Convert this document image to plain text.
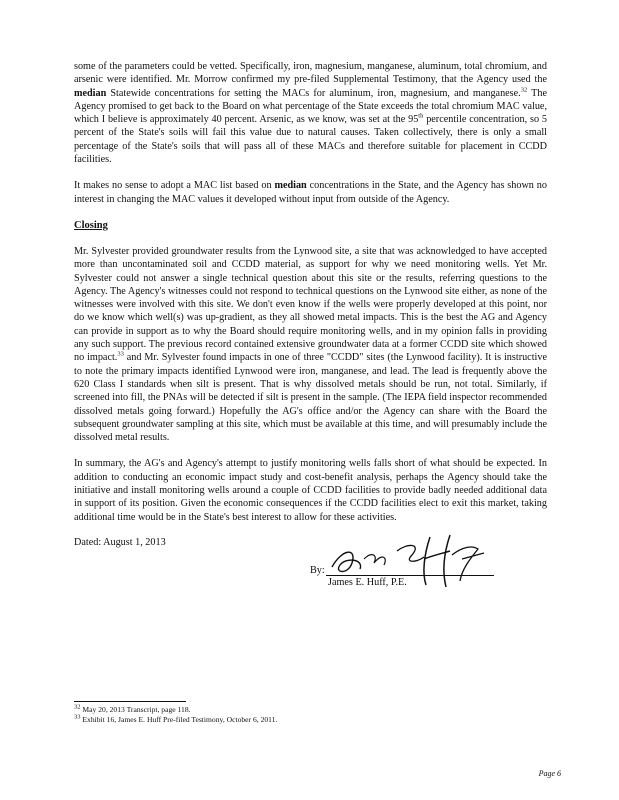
some of the parameters could be vetted. Specifically, iron, magnesium, manganese, aluminum, total chromium, and arsenic were identified. Mr. Morrow confirmed my pre-filed Supplemental Testimony, that the Agency used the median Statewide concentrations for setting the MACs for aluminum, iron, magnesium, and manganese.$^{32}$ The Agency promised to get back to the Board on what percentage of the State exceeds the total chromium MAC value, which I believe is approximately 40 percent. Arsenic, as we know, was set at the 95th percentile concentration, so 5 percent of the State's soils will fail this value due to natural causes. Taken collectively, there is only a small percentage of the State's soils that will pass all of these MACs and therefore suitable for placement in CCDD facilities.

It makes no sense to adopt a MAC list based on median concentrations in the State, and the Agency has shown no interest in changing the MAC values it developed without input from outside of the Agency.

Closing

Mr. Sylvester provided groundwater results from the Lynwood site, a site that was acknowledged to have accepted more than uncontaminated soil and CCDD material, as support for why we need monitoring wells. Yet Mr. Sylvester could not answer a single technical question about this site or the results, referring questions to the Agency. The Agency's witnesses could not respond to technical questions on the Lynwood site either, as none of the witnesses were involved with this site. We don't even know if the wells were properly developed at this point, nor do we know which well(s) was up-gradient, as they all showed metal impacts. This is the best the AG and Agency can provide in support as to why the Board should require monitoring wells, and in my opinion falls in providing any such support. The previous record contained extensive groundwater data at a former CCDD site which showed no impact.$^{33}$ and Mr. Sylvester found impacts in one of three "CCDD" sites (the Lynwood facility). It is instructive to note the primary impacts identified Lynwood were iron, manganese, and lead. The lead is frequently above the 620 Class I standards when silt is present. That is why dissolved metals should be run, not total. Similarly, if screened into fill, the PNAs will be detected if silt is present in the sample. (The IEPA field inspector recommended dissolved metals going forward.) Hopefully the AG's office and/or the Agency can share with the Board the subsequent groundwater sampling at this site, which must be available at this time, and will presumably include the dissolved metal results.

In summary, the AG's and Agency's attempt to justify monitoring wells falls short of what should be expected. In addition to conducting an economic impact study and cost-benefit analysis, perhaps the Agency should take the initiative and install monitoring wells around a couple of CCDD facilities to provide badly needed additional data in support of its position. Given the economic consequences if the CCDD facilities elect to exit this market, taking additional time would be in the State's best interest to allow for these activities.

Dated: August 1, 2013
By:
James E. Huff, P.E.
$^{32}$ May 20, 2013 Transcript, page 118.
$^{33}$ Exhibit 16, James E. Huff Pre-filed Testimony, October 6, 2011.
Page 6
